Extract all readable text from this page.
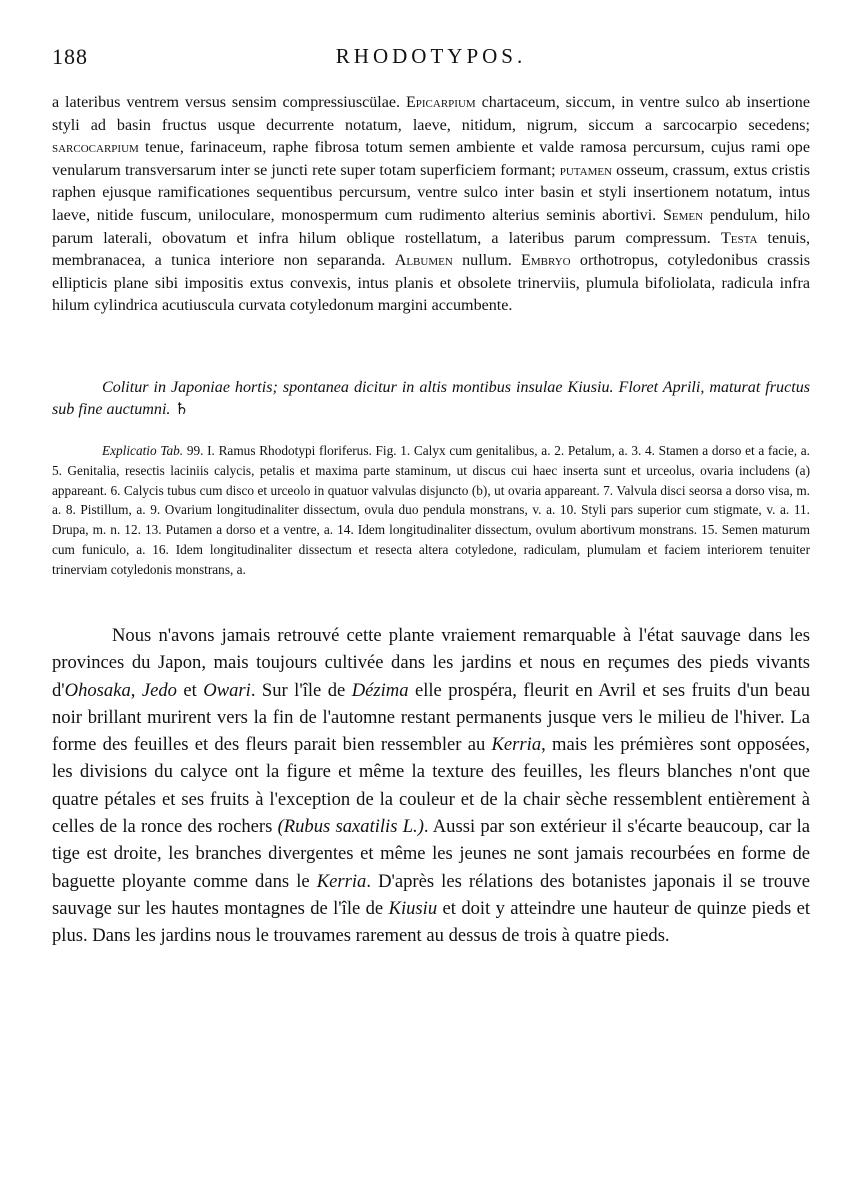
188	RHODOTYPOS.

a lateribus ventrem versus sensim compressiuscülae. Epicarpium chartaceum, siccum, in ventre sulco ab insertione styli ad basin fructus usque decurrente notatum, laeve, nitidum, nigrum, siccum a sarcocarpio secedens; sarcocarpium tenue, farinaceum, raphe fibrosa totum semen ambiente et valde ramosa percursum, cujus rami ope venularum transversarum inter se juncti rete super totam superficiem formant; putamen osseum, crassum, extus cristis raphen ejusque ramificationes sequentibus percursum, ventre sulco inter basin et styli insertionem notatum, intus laeve, nitide fuscum, uniloculare, monospermum cum rudimento alterius seminis abortivi. Semen pendulum, hilo parum laterali, obovatum et infra hilum oblique rostellatum, a lateribus parum compressum. Testa tenuis, membranacea, a tunica interiore non separanda. Albumen nullum. Embryo orthotropus, cotyledonibus crassis ellipticis plane sibi impositis extus convexis, intus planis et obsolete trinerviis, plumula bifoliolata, radicula infra hilum cylindrica acutiuscula curvata cotyledonum margini accumbente.

Colitur in Japoniae hortis; spontanea dicitur in altis montibus insulae Kiusiu. Floret Aprili, maturat fructus sub fine auctumni. ♄

Explicatio Tab. 99. I. Ramus Rhodotypi floriferus. Fig. 1. Calyx cum genitalibus, a. 2. Petalum, a. 3. 4. Stamen a dorso et a facie, a. 5. Genitalia, resectis laciniis calycis, petalis et maxima parte staminum, ut discus cui haec inserta sunt et urceolus, ovaria includens (a) appareant. 6. Calycis tubus cum disco et urceolo in quatuor valvulas disjuncto (b), ut ovaria appareant. 7. Valvula disci seorsa a dorso visa, m. a. 8. Pistillum, a. 9. Ovarium longitudinaliter dissectum, ovula duo pendula monstrans, v. a. 10. Styli pars superior cum stigmate, v. a. 11. Drupa, m. n. 12. 13. Putamen a dorso et a ventre, a. 14. Idem longitudinaliter dissectum, ovulum abortivum monstrans. 15. Semen maturum cum funiculo, a. 16. Idem longitudinaliter dissectum et resecta altera cotyledone, radiculam, plumulam et faciem interiorem tenuiter trinerviam cotyledonis monstrans, a.

Nous n'avons jamais retrouvé cette plante vraiement remarquable à l'état sauvage dans les provinces du Japon, mais toujours cultivée dans les jardins et nous en reçumes des pieds vivants d'Ohosaka, Jedo et Owari. Sur l'île de Dézima elle prospéra, fleurit en Avril et ses fruits d'un beau noir brillant murirent vers la fin de l'automne restant permanents jusque vers le milieu de l'hiver. La forme des feuilles et des fleurs parait bien ressembler au Kerria, mais les prémières sont opposées, les divisions du calyce ont la figure et même la texture des feuilles, les fleurs blanches n'ont que quatre pétales et ses fruits à l'exception de la couleur et de la chair sèche ressemblent entièrement à celles de la ronce des rochers (Rubus saxatilis L.). Aussi par son extérieur il s'écarte beaucoup, car la tige est droite, les branches divergentes et même les jeunes ne sont jamais recourbées en forme de baguette ployante comme dans le Kerria. D'après les rélations des botanistes japonais il se trouve sauvage sur les hautes montagnes de l'île de Kiusiu et doit y atteindre une hauteur de quinze pieds et plus. Dans les jardins nous le trouvames rarement au dessus de trois à quatre pieds.
